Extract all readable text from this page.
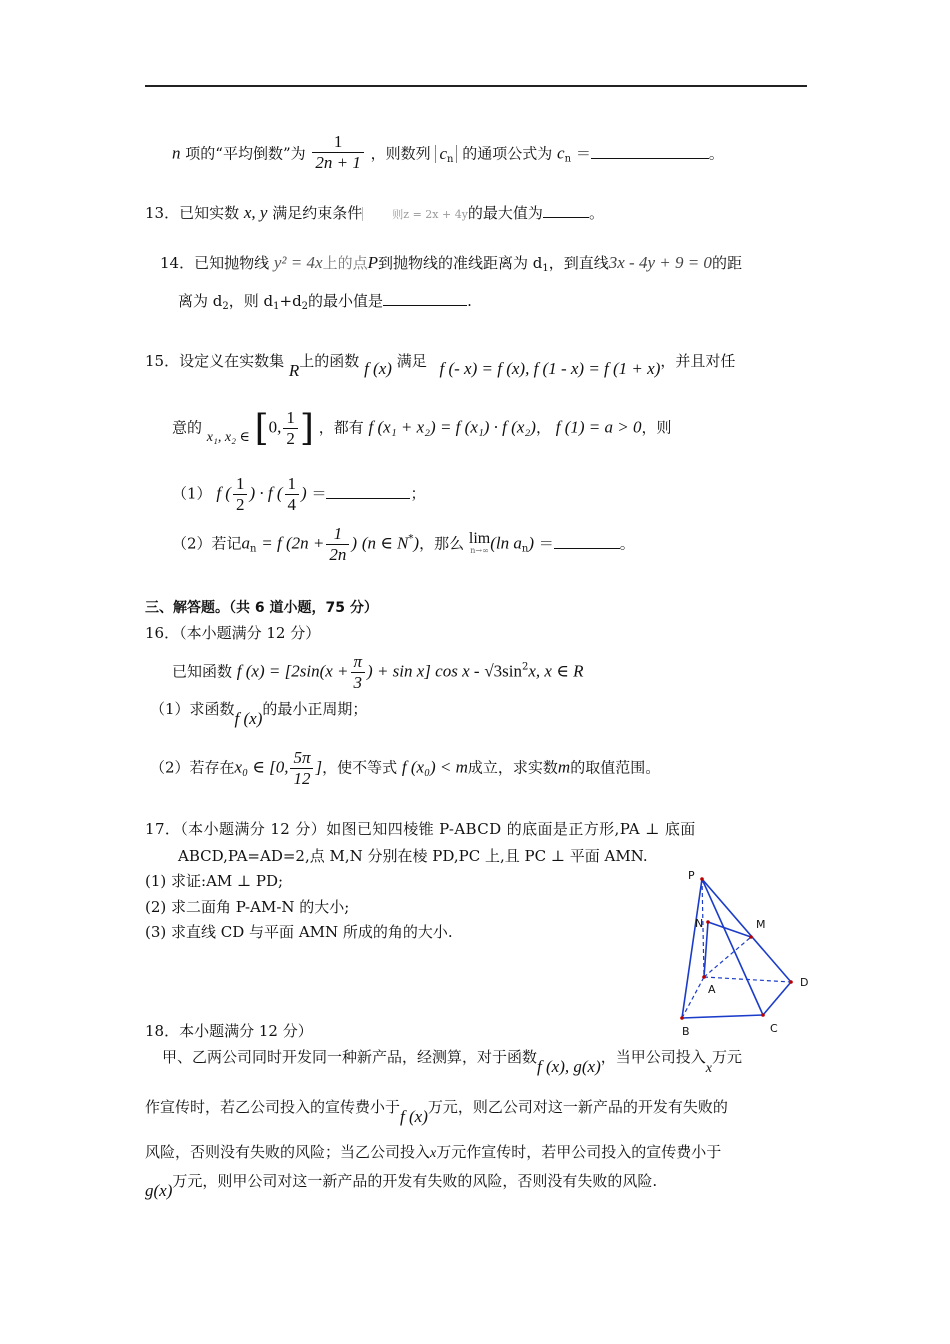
n 项的“平均倒数”为 $\frac{1}{2n + 1}$ ，则数列 $c_n$ 的通项公式为 $c_n$ ＝	。
13．已知实数 x, y 满足约束条件	则z = 2x + 4y的最大值为	。
14．已知抛物线 y² = 4x上的点P到抛物线的准线距离为 $d_1$，到直线3x - 4y + 9 = 0的距
离为 $d_2$，则 $d_1+d_2$的最小值是	.
15．设定义在实数集 R上的函数 f (x) 满足 f (- x) = f (x), f (1 - x) = f (1 + x)，并且对任
意的 x₁, x₂ ∈ [0, $\frac{1}{2}$ ] ，都有 f (x₁ + x₂) = f (x₁) · f (x₂)， f (1) = a > 0，则
（1） f ( $\frac{1}{2}$ ) · f ( $\frac{1}{4}$ ) ＝	；
（2）若记$a_n = f$ ($2n + \frac{1}{2n}$ ) (n ∈ N*)，那么 lim
n→∞ (ln $a_n$) ＝	。
三、解答题。（共 6 道小题，75 分）
16．（本小题满分 12 分）
已知函数 f $(x) = [2\sin(x + \frac{\pi}{3}$ ) + sin x] cos x - $√3\sin^2x$, x ∈ R
（1）求函数f (x)的最小正周期；
（2）若存在x₀ ∈ [0, $\frac{5\pi}{12}$ ]，使不等式 f (x₀) < m成立，求实数m的取值范围。
17．（本小题满分 12 分）如图已知四棱锥 P-ABCD 的底面是正方形,PA ⊥ 底面
ABCD,PA=AD=2,点 M,N 分别在棱 PD,PC 上,且 PC ⊥ 平面 AMN.
(1) 求证:AM ⊥ PD;
(2) 求二面角 P-AM-N 的大小;
(3) 求直线 CD 与平面 AMN 所成的角的大小.
P
M
N
A
D
B	C
18．本小题满分 12 分）
甲、乙两公司同时开发同一种新产品，经测算，对于函数f (x), g(x)，当甲公司投入x万元
作宣传时，若乙公司投入的宣传费小于f (x)万元，则乙公司对这一新产品的开发有失败的
风险，否则没有失败的风险；当乙公司投入x万元作宣传时，若甲公司投入的宣传费小于
g(x)万元，则甲公司对这一新产品的开发有失败的风险，否则没有失败的风险.
